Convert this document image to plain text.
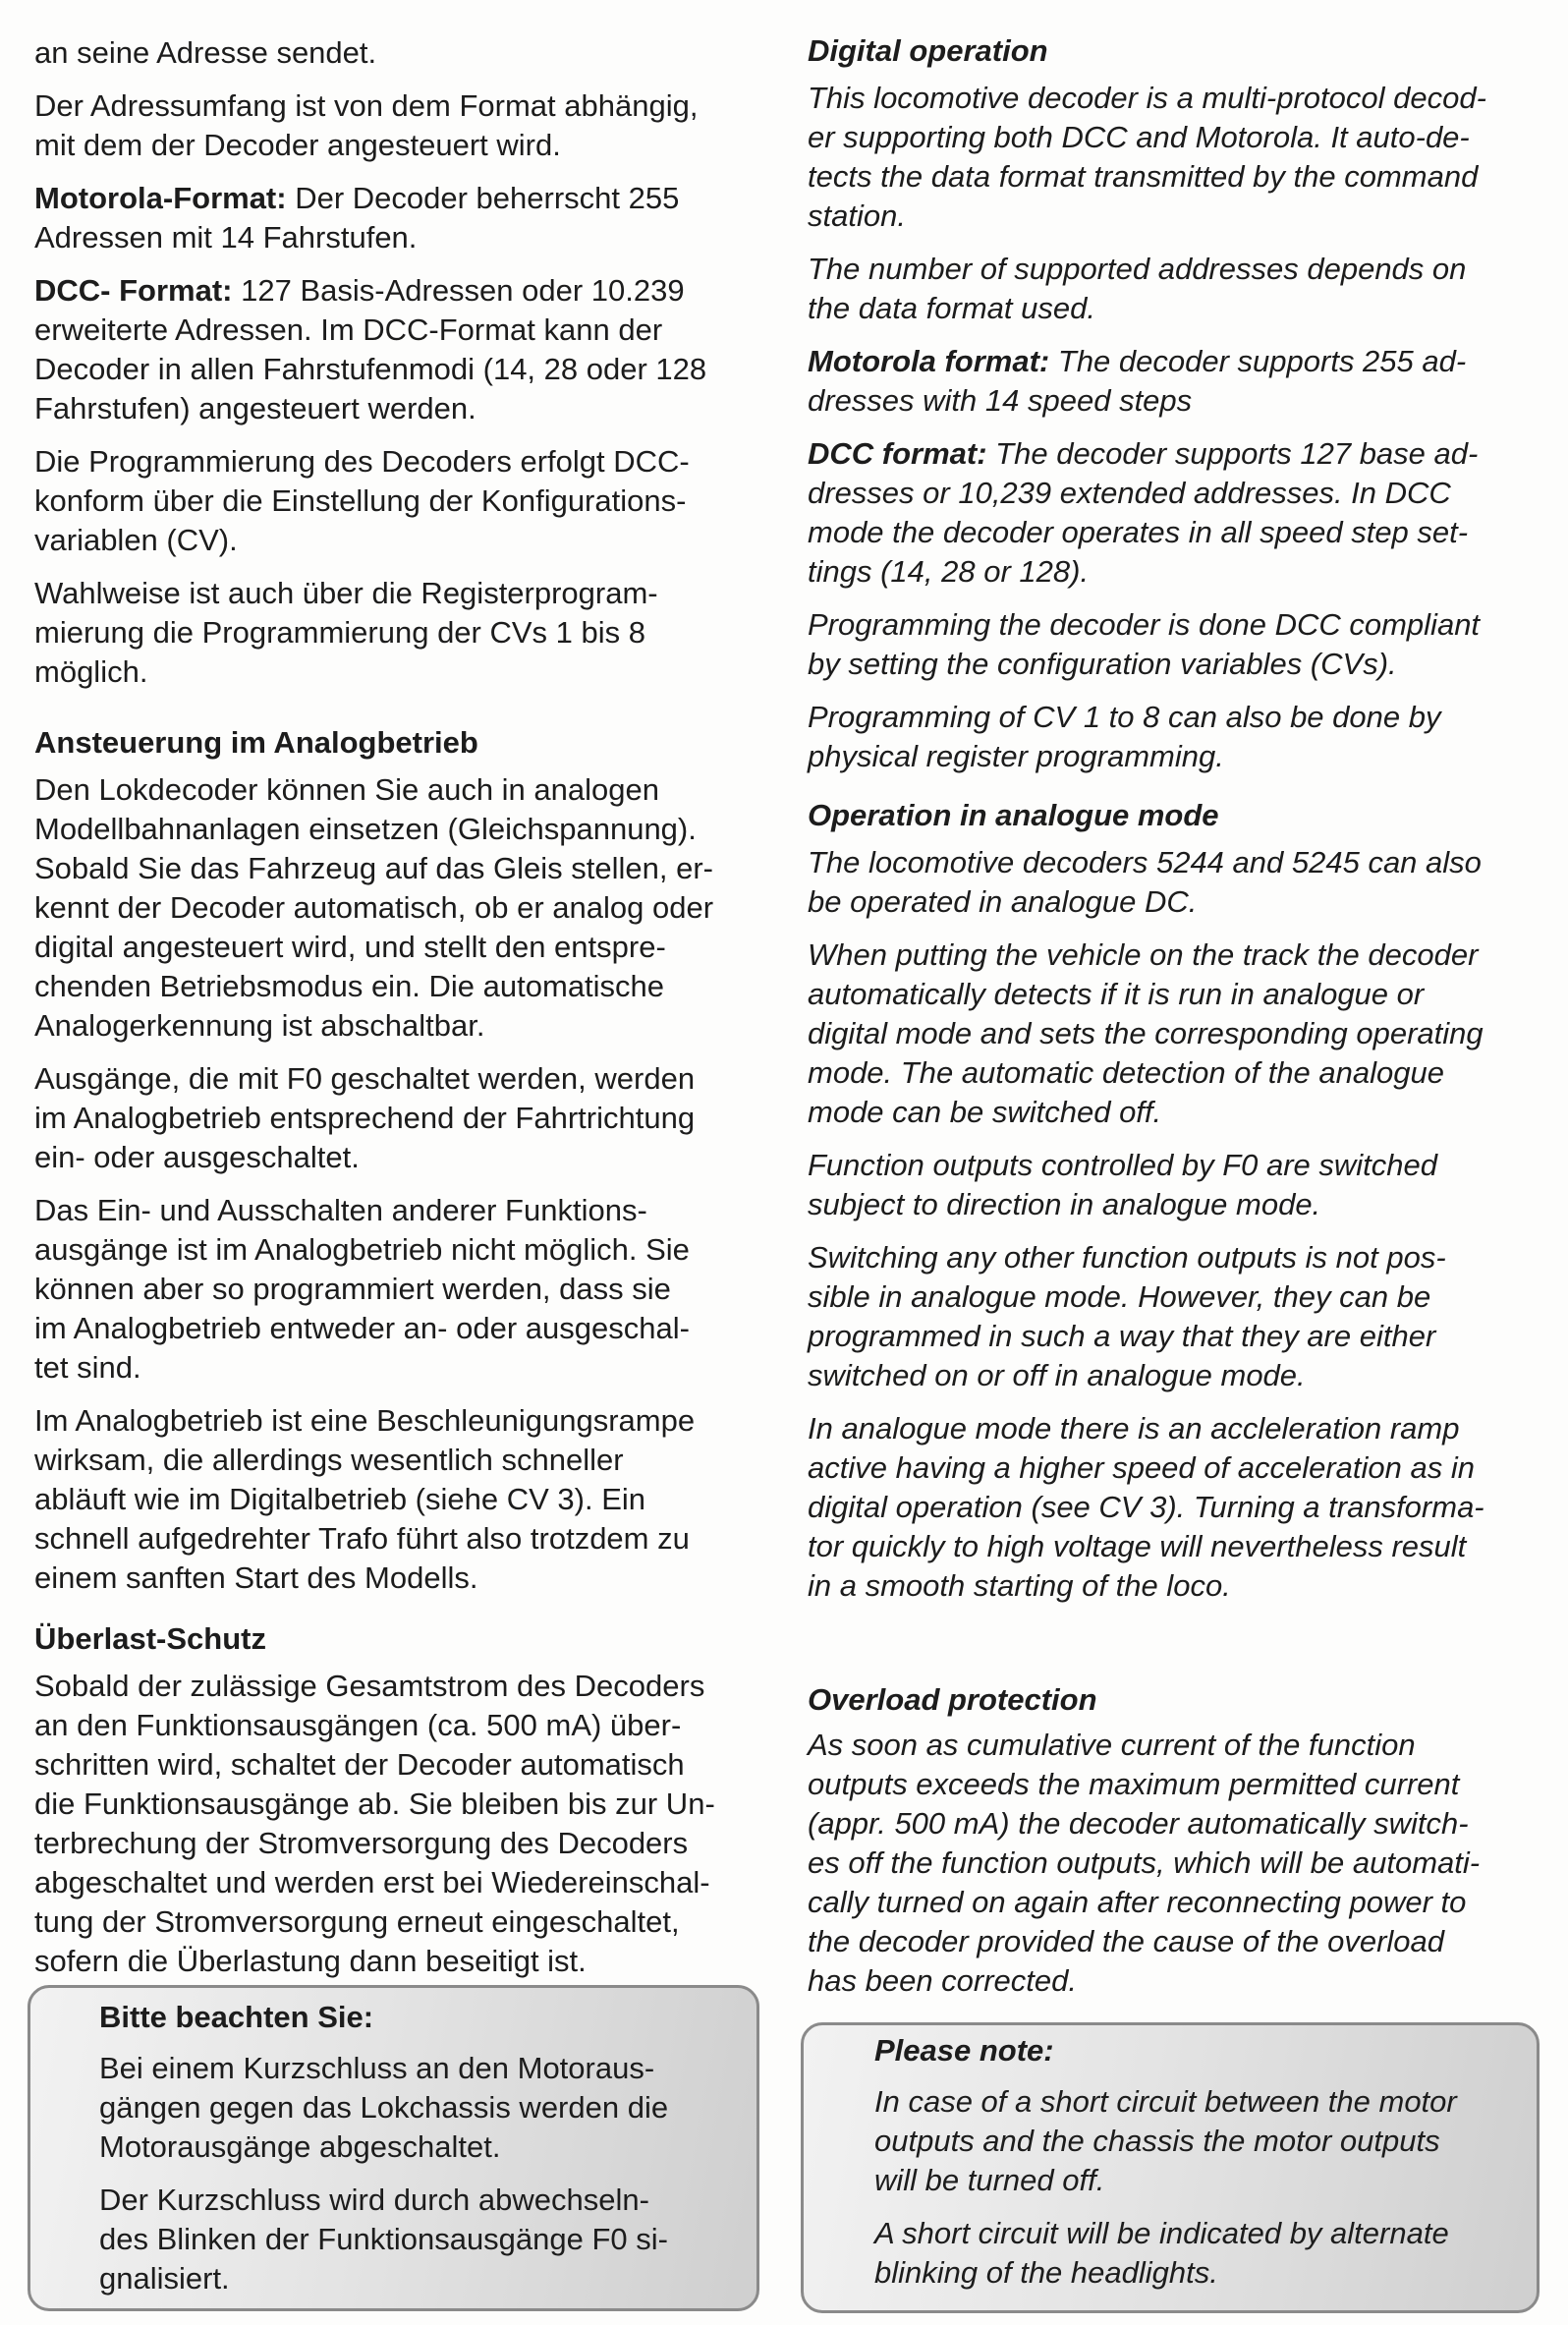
an seine Adresse sendet.
Der Adressumfang ist von dem Format abhängig,
mit dem der Decoder angesteuert wird.
Motorola-Format: Der Decoder beherrscht 255
Adressen mit 14 Fahrstufen.
DCC- Format: 127 Basis-Adressen oder 10.239
erweiterte Adressen. Im DCC-Format kann der
Decoder in allen Fahrstufenmodi (14, 28 oder 128
Fahrstufen) angesteuert werden.
Die Programmierung des Decoders erfolgt DCC-
konform über die Einstellung der Konfigurations-
variablen (CV).
Wahlweise ist auch über die Registerprogram-
mierung die Programmierung der CVs 1 bis 8
möglich.
Ansteuerung im Analogbetrieb
Den Lokdecoder können Sie auch in analogen
Modellbahnanlagen einsetzen (Gleichspannung).
Sobald Sie das Fahrzeug auf das Gleis stellen, er-
kennt der Decoder automatisch, ob er analog oder
digital angesteuert wird, und stellt den entspre-
chenden Betriebsmodus ein. Die automatische
Analogerkennung ist abschaltbar.
Ausgänge, die mit F0 geschaltet werden, werden
im Analogbetrieb entsprechend der Fahrtrichtung
ein- oder ausgeschaltet.
Das Ein- und Ausschalten anderer Funktions-
ausgänge ist im Analogbetrieb nicht möglich. Sie
können aber so programmiert werden, dass sie
im Analogbetrieb entweder an- oder ausgeschal-
tet sind.
Im Analogbetrieb ist eine Beschleunigungsrampe
wirksam, die allerdings wesentlich schneller
abläuft wie im Digitalbetrieb (siehe CV 3). Ein
schnell aufgedrehter Trafo führt also trotzdem zu
einem sanften Start des Modells.
Überlast-Schutz
Sobald der zulässige Gesamtstrom des Decoders
an den Funktionsausgängen (ca. 500 mA) über-
schritten wird, schaltet der Decoder automatisch
die Funktionsausgänge ab. Sie bleiben bis zur Un-
terbrechung der Stromversorgung des Decoders
abgeschaltet und werden erst bei Wiedereinschal-
tung der Stromversorgung erneut eingeschaltet,
sofern die Überlastung dann beseitigt ist.
Bitte beachten Sie:
Bei einem Kurzschluss an den Motoraus-
gängen gegen das Lokchassis werden die
Motorausgänge abgeschaltet.
Der Kurzschluss wird durch abwechseln-
des Blinken der Funktionsausgänge F0 si-
gnalisiert.
Digital operation
This locomotive decoder is a multi-protocol decod-
er supporting both DCC and Motorola. It auto-de-
tects the data format transmitted by the command
station.
The number of supported addresses depends on
the data format used.
Motorola format: The decoder supports 255 ad-
dresses with 14 speed steps
DCC format: The decoder supports 127 base ad-
dresses or 10,239 extended addresses. In DCC
mode the decoder operates in all speed step set-
tings (14, 28 or 128).
Programming the decoder is done DCC compliant
by setting the configuration variables (CVs).
Programming of CV 1 to 8 can also be done by
physical register programming.
Operation in analogue mode
The locomotive decoders 5244 and 5245 can also
be operated in analogue DC.
When putting the vehicle on the track the decoder
automatically detects if it is run in analogue or
digital mode and sets the corresponding operating
mode. The automatic detection of the analogue
mode can be switched off.
Function outputs controlled by F0 are switched
subject to direction in analogue mode.
Switching any other function outputs is not pos-
sible in analogue mode. However, they can be
programmed in such a way that they are either
switched on or off in analogue mode.
In analogue mode there is an accleleration ramp
active having a higher speed of acceleration as in
digital operation (see CV 3). Turning a transforma-
tor quickly to high voltage will nevertheless result
in a smooth starting of the loco.
Overload protection
As soon as cumulative current of the function
outputs exceeds the maximum permitted current
(appr. 500 mA) the decoder automatically switch-
es off the function outputs, which will be automati-
cally turned on again after reconnecting power to
the decoder provided the cause of the overload
has been corrected.
Please note:
In case of a short circuit between the motor
outputs and the chassis the motor outputs
will be turned off.
A short circuit will be indicated by alternate
blinking of the headlights.
